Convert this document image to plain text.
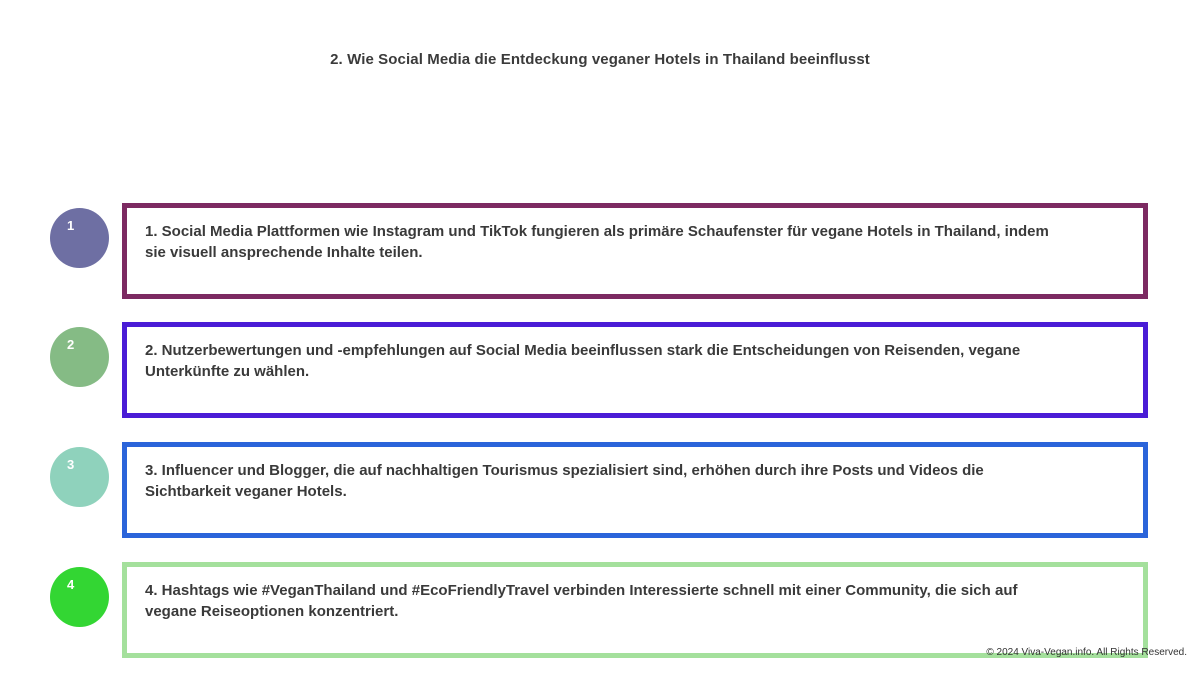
2. Wie Social Media die Entdeckung veganer Hotels in Thailand beeinflusst
1	1. Social Media Plattformen wie Instagram und TikTok fungieren als primäre Schaufenster für vegane Hotels in Thailand, indem sie visuell ansprechende Inhalte teilen.
2	2. Nutzerbewertungen und -empfehlungen auf Social Media beeinflussen stark die Entscheidungen von Reisenden, vegane Unterkünfte zu wählen.
3	3. Influencer und Blogger, die auf nachhaltigen Tourismus spezialisiert sind, erhöhen durch ihre Posts und Videos die Sichtbarkeit veganer Hotels.
4	4. Hashtags wie #VeganThailand und #EcoFriendlyTravel verbinden Interessierte schnell mit einer Community, die sich auf vegane Reiseoptionen konzentriert.
© 2024 Viva-Vegan.info. All Rights Reserved.
